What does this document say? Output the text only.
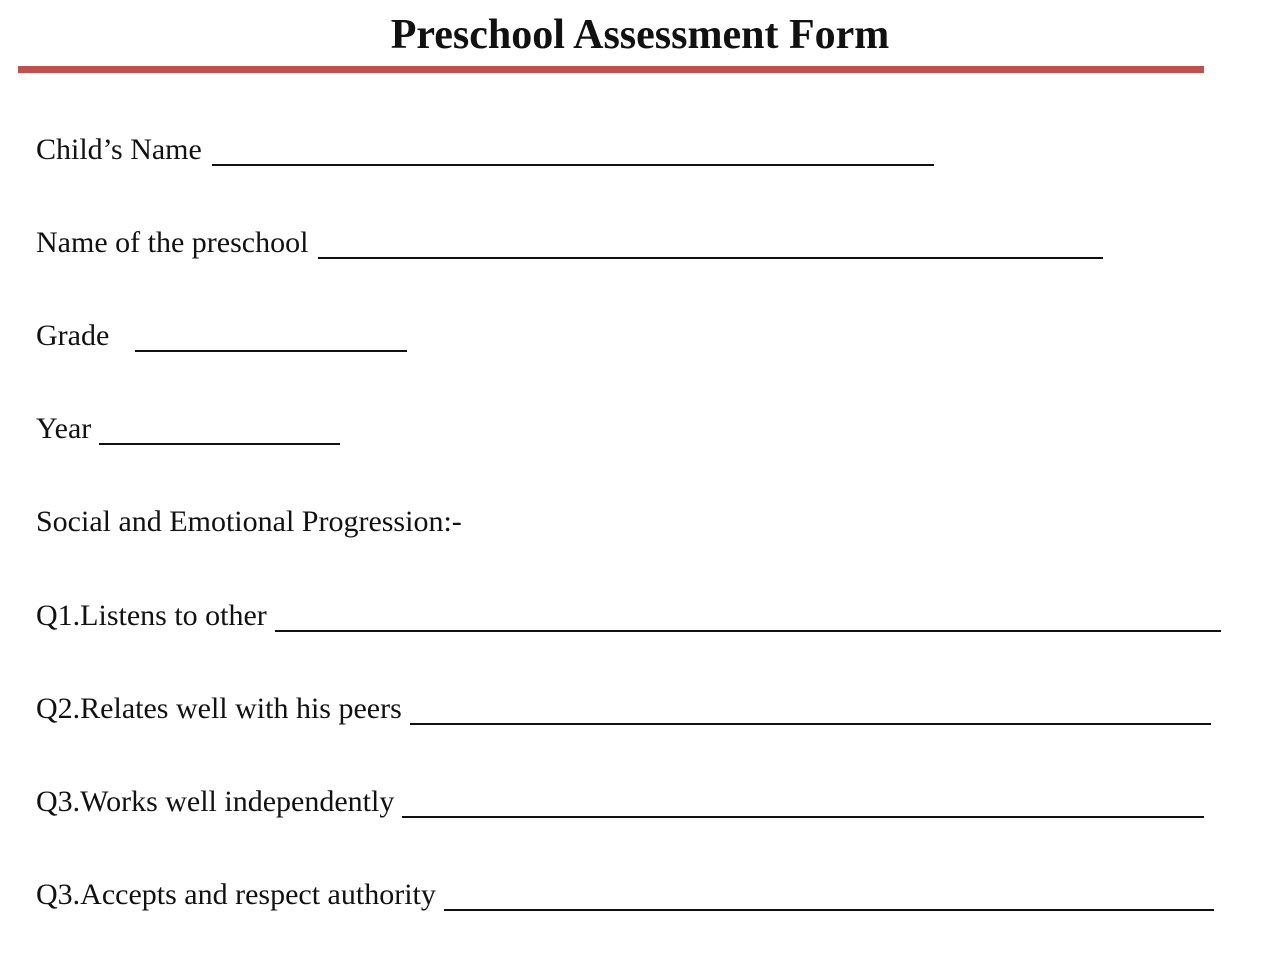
Preschool Assessment Form
Child’s Name
Name of the preschool
Grade
Year
Social and Emotional Progression:-
Q1.Listens to other
Q2.Relates well with his peers
Q3.Works well independently
Q3.Accepts and respect authority
